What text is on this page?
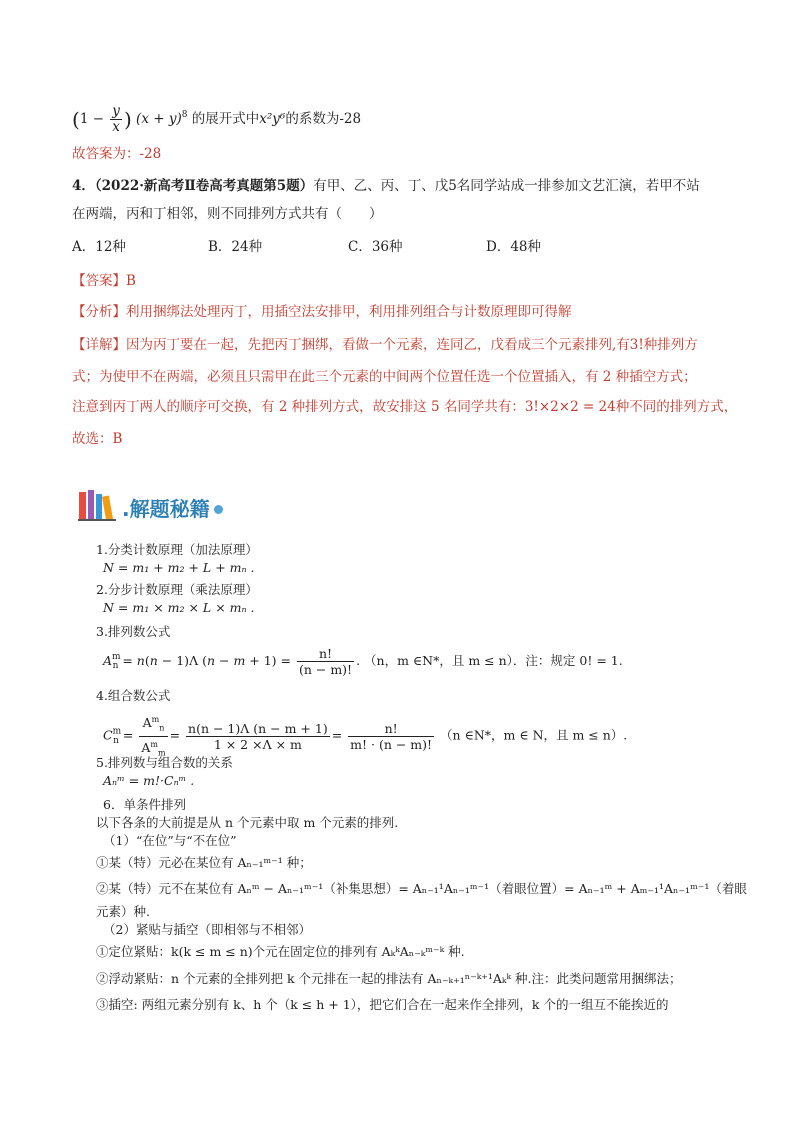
($1 - \frac{y}{x}$ ) $(x + y)^8$ 的展开式中x²y⁶的系数为-28
故答案为：-28
4．（2022·新高考Ⅱ卷高考真题第5题）有甲、乙、丙、丁、戊5名同学站成一排参加文艺汇演，若甲不站
在两端，丙和丁相邻，则不同排列方式共有（　　）
A．12种	B．24种	C．36种	D．48种
【答案】B
【分析】利用捆绑法处理丙丁，用插空法安排甲，利用排列组合与计数原理即可得解
【详解】因为丙丁要在一起，先把丙丁捆绑，看做一个元素，连同乙，戊看成三个元素排列,有3!种排列方
式；为使甲不在两端，必须且只需甲在此三个元素的中间两个位置任选一个位置插入，有 2 种插空方式；
注意到丙丁两人的顺序可交换，有 2 种排列方式，故安排这 5 名同学共有：3!×2×2 = 24种不同的排列方式，
故选：B
.解题秘籍
1.分类计数原理（加法原理）
N = m₁ + m₂ + L + mₙ .
2.分步计数原理（乘法原理）
N = m₁ × m₂ × L × mₙ .
3.排列数公式
$A^m_n = n(n - 1)\Lambda$ $(n - m + 1) = \frac{n!}{(n - m)!}$ . （n，m ∈N*，且 m ≤ n）．注：规定 0! = 1.
4.组合数公式
$C^m_n = \frac{A^m_n}{A^m_m} = \frac{n(n - 1)\Lambda (n - m + 1)}{1 \times 2 \times\Lambda \times m} = \frac{n!}{m! \cdot (n - m)!} (n$ ∈N*，m ∈ N，且 m ≤ n）.
5.排列数与组合数的关系
Aₙᵐ = m!·Cₙᵐ .
6．单条件排列
以下各条的大前提是从 n 个元素中取 m 个元素的排列.
（1）“在位”与“不在位”
①某（特）元必在某位有 Aₙ₋₁ᵐ⁻¹ 种；
②某（特）元不在某位有 Aₙᵐ − Aₙ₋₁ᵐ⁻¹（补集思想）= Aₙ₋₁¹Aₙ₋₁ᵐ⁻¹（着眼位置）= Aₙ₋₁ᵐ + Aₘ₋₁¹Aₙ₋₁ᵐ⁻¹（着眼
元素）种.
（2）紧贴与插空（即相邻与不相邻）
①定位紧贴：k(k ≤ m ≤ n)个元在固定位的排列有 AₖᵏAₙ₋ₖᵐ⁻ᵏ 种.
②浮动紧贴：n 个元素的全排列把 k 个元排在一起的排法有 Aₙ₋ₖ₊₁ⁿ⁻ᵏ⁺¹Aₖᵏ 种.注：此类问题常用捆绑法；
③插空: 两组元素分别有 k、h 个（k ≤ h + 1），把它们合在一起来作全排列，k 个的一组互不能挨近的
